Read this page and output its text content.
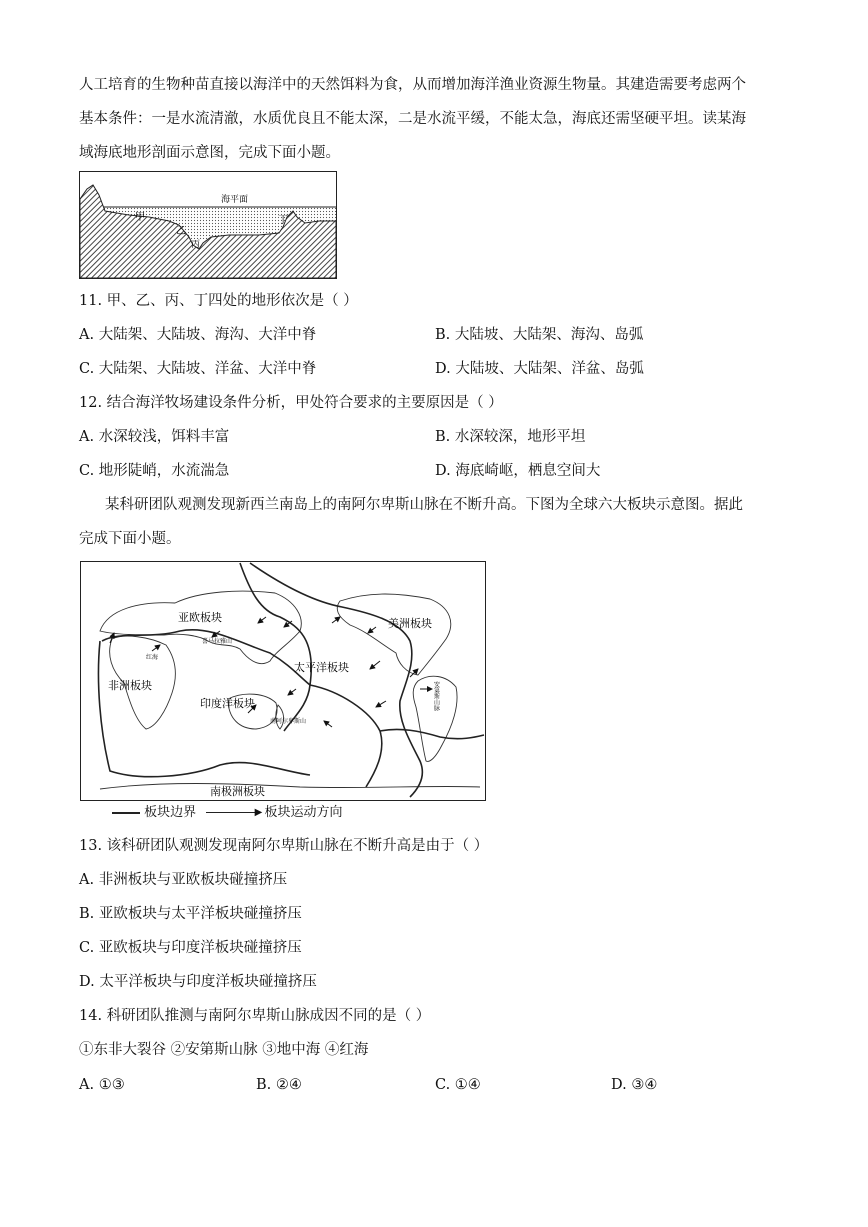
人工培育的生物种苗直接以海洋中的天然饵料为食，从而增加海洋渔业资源生物量。其建造需要考虑两个
基本条件：一是水流清澈，水质优良且不能太深，二是水流平缓，不能太急，海底还需坚硬平坦。读某海
域海底地形剖面示意图，完成下面小题。
海平面
甲
乙
丙
丁
11. 甲、乙、丙、丁四处的地形依次是（ ）
A. 大陆架、大陆坡、海沟、大洋中脊	B. 大陆坡、大陆架、海沟、岛弧
C. 大陆架、大陆坡、洋盆、大洋中脊	D. 大陆坡、大陆架、洋盆、岛弧
12. 结合海洋牧场建设条件分析，甲处符合要求的主要原因是（ ）
A. 水深较浅，饵料丰富	B. 水深较深，地形平坦
C. 地形陡峭，水流湍急	D. 海底崎岖，栖息空间大
某科研团队观测发现新西兰南岛上的南阿尔卑斯山脉在不断升高。下图为全球六大板块示意图。据此
完成下面小题。
亚欧板块
非洲板块
印度洋板块
太平洋板块
美洲板块
南极洲板块
喜马拉雅山
红海
南阿尔卑斯山
安第斯山脉
板块边界	▶ 板块运动方向
13. 该科研团队观测发现南阿尔卑斯山脉在不断升高是由于（ ）
A. 非洲板块与亚欧板块碰撞挤压
B. 亚欧板块与太平洋板块碰撞挤压
C. 亚欧板块与印度洋板块碰撞挤压
D. 太平洋板块与印度洋板块碰撞挤压
14. 科研团队推测与南阿尔卑斯山脉成因不同的是（ ）
①东非大裂谷 ②安第斯山脉 ③地中海 ④红海
A. ①③	B. ②④	C. ①④	D. ③④
